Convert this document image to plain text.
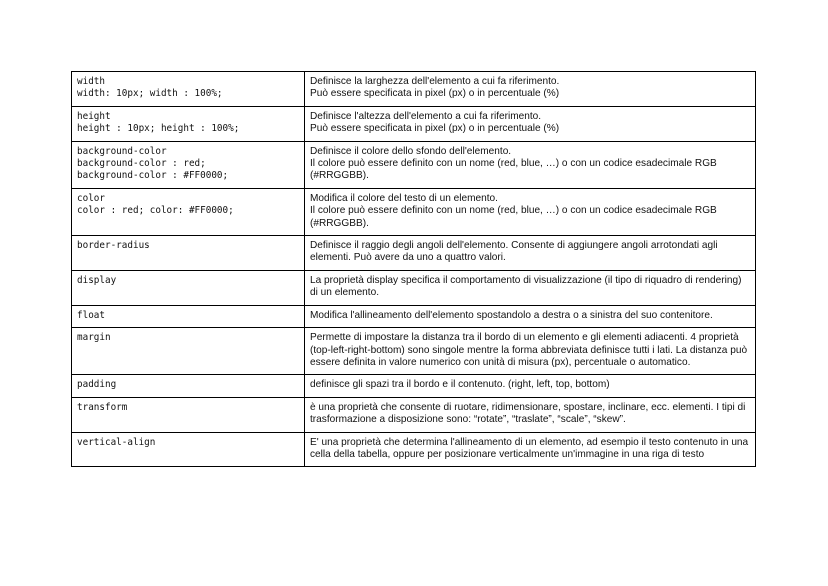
width
width: 10px; width : 100%;	Definisce la larghezza dell'elemento a cui fa riferimento.
Può essere specificata in pixel (px) o in percentuale (%)

height
height : 10px; height : 100%;	Definisce l'altezza dell'elemento a cui fa riferimento.
Può essere specificata in pixel (px) o in percentuale (%)

background-color
background-color : red;
background-color : #FF0000;	Definisce il colore dello sfondo dell'elemento.
Il colore può essere definito con un nome (red, blue, …) o con un codice esadecimale RGB (#RRGGBB).

color
color : red; color: #FF0000;	Modifica il colore del testo di un elemento.
Il colore può essere definito con un nome (red, blue, …) o con un codice esadecimale RGB (#RRGGBB).

border-radius	Definisce il raggio degli angoli dell'elemento. Consente di aggiungere angoli arrotondati agli elementi. Può avere da uno a quattro valori.

display	La proprietà display specifica il comportamento di visualizzazione (il tipo di riquadro di rendering) di un elemento.

float	Modifica l'allineamento dell'elemento spostandolo a destra o a sinistra del suo contenitore.

margin	Permette di impostare la distanza tra il bordo di un elemento e gli elementi adiacenti. 4 proprietà (top-left-right-bottom) sono singole mentre la forma abbreviata definisce tutti i lati. La distanza può essere definita in valore numerico con unità di misura (px), percentuale o automatico.

padding	definisce gli spazi tra il bordo e il contenuto. (right, left, top, bottom)

transform	è una proprietà che consente di ruotare, ridimensionare, spostare, inclinare, ecc. elementi. I tipi di trasformazione a disposizione sono: “rotate”, “traslate”, “scale”, “skew”.

vertical-align	E' una proprietà che determina l'allineamento di un elemento, ad esempio il testo contenuto in una cella della tabella, oppure per posizionare verticalmente un'immagine in una riga di testo
